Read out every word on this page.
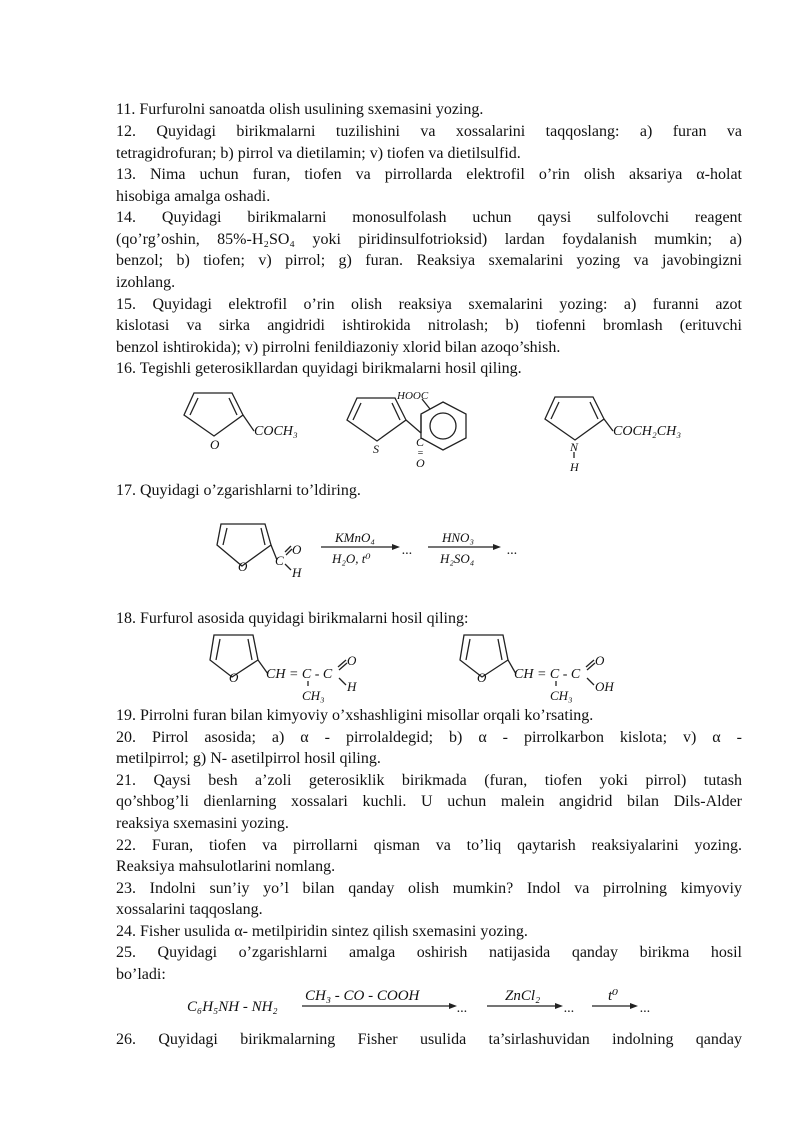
11. Furfurolni sanoatda olish usulining sxemasini yozing.
12. Quyidagi birikmalarni tuzilishini va xossalarini taqqoslang: a) furan va
tetragidrofuran; b) pirrol va dietilamin; v) tiofen va dietilsulfid.
13. Nima uchun furan, tiofen va pirrollarda elektrofil o’rin olish aksariya α-holat
hisobiga amalga oshadi.
14. Quyidagi birikmalarni monosulfolash uchun qaysi sulfolovchi reagent
(qo’rg’oshin, 85%-H₂SO₄ yoki piridinsulfotrioksid) lardan foydalanish mumkin; a)
benzol; b) tiofen; v) pirrol; g) furan. Reaksiya sxemalarini yozing va javobingizni
izohlang.
15. Quyidagi elektrofil o’rin olish reaksiya sxemalarini yozing: a) furanni azot
kislotasi va sirka angidridi ishtirokida nitrolash; b) tiofenni bromlash (erituvchi
benzol ishtirokida); v) pirrolni fenildiazoniy xlorid bilan azoqo’shish.
16. Tegishli geterosikllardan quyidagi birikmalarni hosil qiling.
O
COCH₃
S
HOOC
C
=
O
N
H
COCH₂CH₃
17. Quyidagi o’zgarishlarni to’ldiring.
O C
O
H
KMnO₄
H₂O, t⁰
...
HNO₃
H₂SO₄
...
18. Furfurol asosida quyidagi birikmalarni hosil qiling:
O CH = C - C
O
H
CH₃
O CH = C - C
O
OH
CH₃
19. Pirrolni furan bilan kimyoviy o’xshashligini misollar orqali ko’rsating.
20. Pirrol asosida; a) α - pirrolaldegid; b) α - pirrolkarbon kislota; v) α -
metilpirrol; g) N- asetilpirrol hosil qiling.
21. Qaysi besh a’zoli geterosiklik birikmada (furan, tiofen yoki pirrol) tutash
qo’shbog’li dienlarning xossalari kuchli. U uchun malein angidrid bilan Dils-Alder
reaksiya sxemasini yozing.
22. Furan, tiofen va pirrollarni qisman va to’liq qaytarish reaksiyalarini yozing.
Reaksiya mahsulotlarini nomlang.
23. Indolni sun’iy yo’l bilan qanday olish mumkin? Indol va pirrolning kimyoviy
xossalarini taqqoslang.
24. Fisher usulida α- metilpiridin sintez qilish sxemasini yozing.
25. Quyidagi o’zgarishlarni amalga oshirish natijasida qanday birikma hosil
bo’ladi:
C₆H₅NH - NH₂
CH₃ - CO - COOH
...
ZnCl₂
...
t⁰
...
26. Quyidagi birikmalarning Fisher usulida ta’sirlashuvidan indolning qanday
